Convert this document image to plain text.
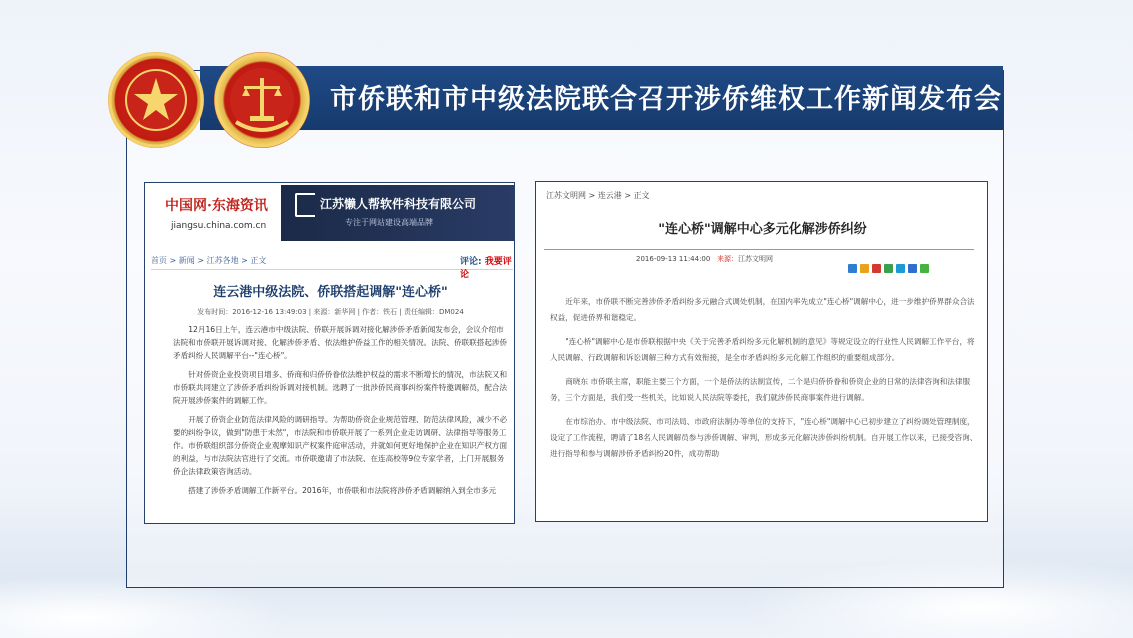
市侨联和市中级法院联合召开涉侨维权工作新闻发布会
中国网·东海资讯
jiangsu.china.com.cn
江苏懒人帮软件科技有限公司
专注于网站建设高端品牌
首页 > 新闻 > 江苏各地 > 正文	评论: 我要评论
连云港中级法院、侨联搭起调解"连心桥"
发布时间：2016-12-16 13:49:03 | 来源：新华网 | 作者：铁石 | 责任编辑：DM024

12月16日上午，连云港市中级法院、侨联开展诉调对接化解涉侨矛盾新闻发布会，会议介绍市法院和市侨联开展诉调对接、化解涉侨矛盾、依法维护侨益工作的相关情况。法院、侨联联搭起涉侨矛盾纠纷人民调解平台--"连心桥"。

针对侨资企业投资项目增多、侨商和归侨侨眷依法维护权益的需求不断增长的情况，市法院又和市侨联共同建立了涉侨矛盾纠纷诉调对接机制。选聘了一批涉侨民商事纠纷案件特邀调解员，配合法院开展涉侨案件的调解工作。

开展了侨资企业防范法律风险的调研指导。为帮助侨资企业规范管理、防范法律风险，减少不必要的纠纷争议，做到"防患于未然"，市法院和市侨联开展了一系列企业走访调研、法律指导等服务工作。市侨联组织部分侨资企业观摩知识产权案件庭审活动，并就如何更好地保护企业在知识产权方面的利益，与市法院法官进行了交流。市侨联邀请了市法院、在连高校等9位专家学者，上门开展服务侨企法律政策咨询活动。

搭建了涉侨矛盾调解工作新平台。2016年，市侨联和市法院将涉侨矛盾调解纳入到全市多元

江苏文明网 > 连云港 > 正文
"连心桥"调解中心多元化解涉侨纠纷
2016-09-13 11:44:00 来源：江苏文明网

近年来，市侨联不断完善涉侨矛盾纠纷多元融合式调处机制，在国内率先成立"连心桥"调解中心，进一步维护侨界群众合法权益，促进侨界和谐稳定。

"连心桥"调解中心是市侨联根据中央《关于完善矛盾纠纷多元化解机制的意见》等规定设立的行业性人民调解工作平台，将人民调解、行政调解和诉讼调解三种方式有效衔接，是全市矛盾纠纷多元化解工作组织的重要组成部分。

商晓东 市侨联主席，职能主要三个方面，一个是侨法的法制宣传，二个是归侨侨眷和侨资企业的日常的法律咨询和法律服务，三个方面是，我们受一些机关，比如说人民法院等委托，我们就涉侨民商事案件进行调解。

在市综治办、市中级法院、市司法局、市政府法制办等单位的支持下，"连心桥"调解中心已初步建立了纠纷调处管理制度，设定了工作流程，聘请了18名人民调解员参与涉侨调解、审判，形成多元化解决涉侨纠纷机制。自开展工作以来，已接受咨询、进行指导和参与调解涉侨矛盾纠纷20件，成功帮助
